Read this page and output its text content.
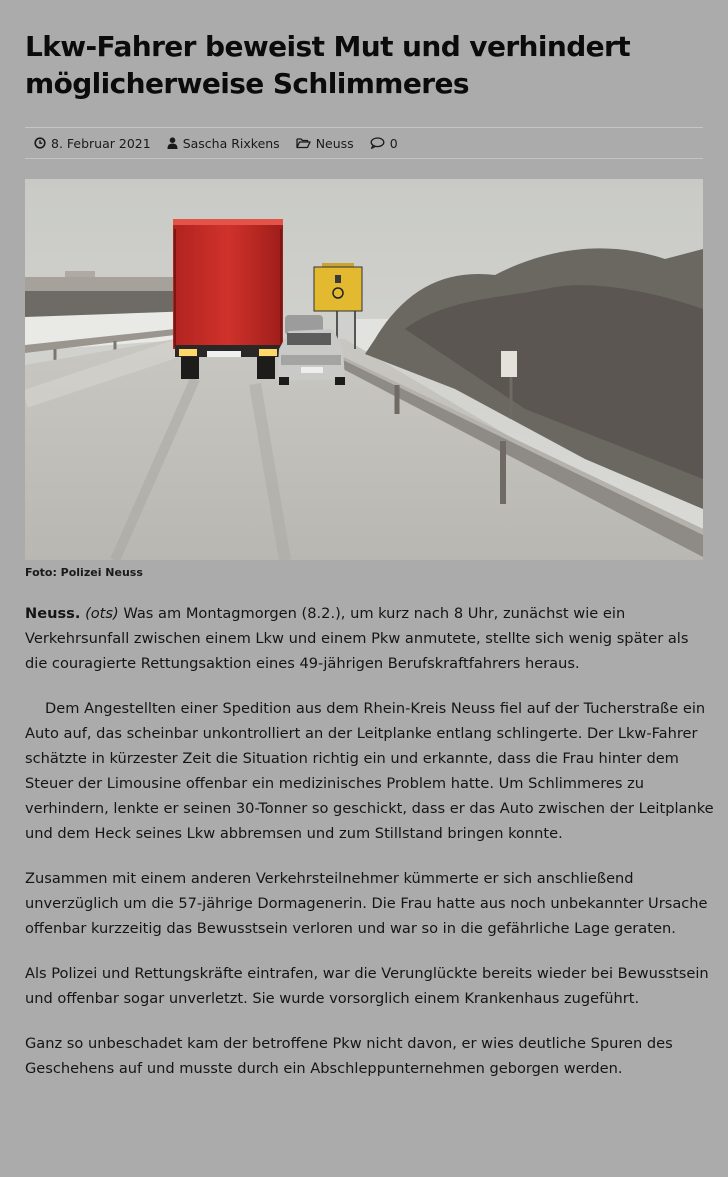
Lkw-Fahrer beweist Mut und verhindert möglicherweise Schlimmeres
8. Februar 2021	Sascha Rixkens	Neuss	0
Foto: Polizei Neuss

Neuss. (ots) Was am Montagmorgen (8.2.), um kurz nach 8 Uhr, zunächst wie ein Verkehrsunfall zwischen einem Lkw und einem Pkw anmutete, stellte sich wenig später als die couragierte Rettungsaktion eines 49-jährigen Berufskraftfahrers heraus.

Dem Angestellten einer Spedition aus dem Rhein-Kreis Neuss fiel auf der Tucherstraße ein Auto auf, das scheinbar unkontrolliert an der Leitplanke entlang schlingerte. Der Lkw-Fahrer schätzte in kürzester Zeit die Situation richtig ein und erkannte, dass die Frau hinter dem Steuer der Limousine offenbar ein medizinisches Problem hatte. Um Schlimmeres zu verhindern, lenkte er seinen 30-Tonner so geschickt, dass er das Auto zwischen der Leitplanke und dem Heck seines Lkw abbremsen und zum Stillstand bringen konnte.

Zusammen mit einem anderen Verkehrsteilnehmer kümmerte er sich anschließend unverzüglich um die 57-jährige Dormagenerin. Die Frau hatte aus noch unbekannter Ursache offenbar kurzzeitig das Bewusstsein verloren und war so in die gefährliche Lage geraten.

Als Polizei und Rettungskräfte eintrafen, war die Verunglückte bereits wieder bei Bewusstsein und offenbar sogar unverletzt. Sie wurde vorsorglich einem Krankenhaus zugeführt.

Ganz so unbeschadet kam der betroffene Pkw nicht davon, er wies deutliche Spuren des Geschehens auf und musste durch ein Abschleppunternehmen geborgen werden.
